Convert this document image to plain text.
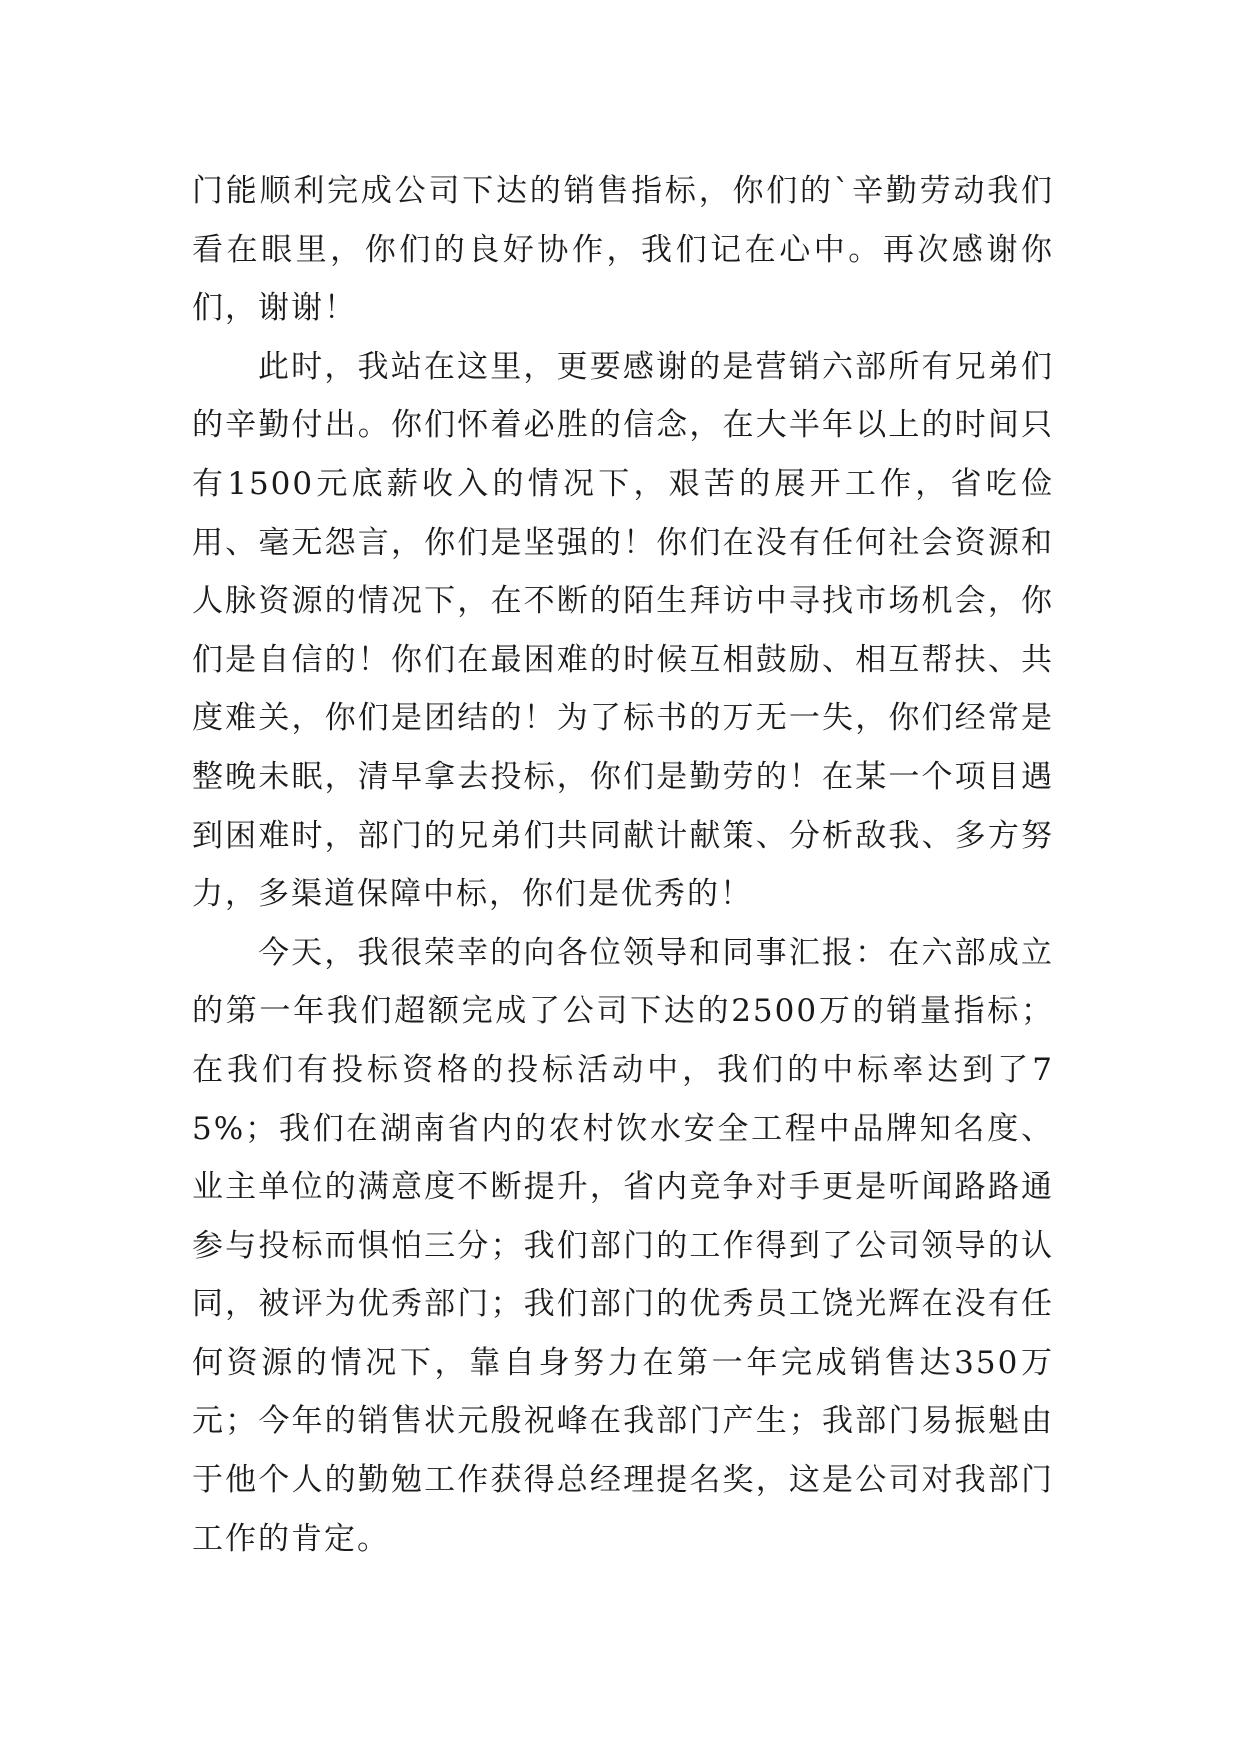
门能顺利完成公司下达的销售指标，你们的`辛勤劳动我们看在眼里，你们的良好协作，我们记在心中。再次感谢你们，谢谢！

此时，我站在这里，更要感谢的是营销六部所有兄弟们的辛勤付出。你们怀着必胜的信念，在大半年以上的时间只有1500元底薪收入的情况下，艰苦的展开工作，省吃俭用、毫无怨言，你们是坚强的！你们在没有任何社会资源和人脉资源的情况下，在不断的陌生拜访中寻找市场机会，你们是自信的！你们在最困难的时候互相鼓励、相互帮扶、共度难关，你们是团结的！为了标书的万无一失，你们经常是整晚未眠，清早拿去投标，你们是勤劳的！在某一个项目遇到困难时，部门的兄弟们共同献计献策、分析敌我、多方努力，多渠道保障中标，你们是优秀的！

今天，我很荣幸的向各位领导和同事汇报：在六部成立的第一年我们超额完成了公司下达的2500万的销量指标；在我们有投标资格的投标活动中，我们的中标率达到了75%；我们在湖南省内的农村饮水安全工程中品牌知名度、业主单位的满意度不断提升，省内竞争对手更是听闻路路通参与投标而惧怕三分；我们部门的工作得到了公司领导的认同，被评为优秀部门；我们部门的优秀员工饶光辉在没有任何资源的情况下，靠自身努力在第一年完成销售达350万元；今年的销售状元殷祝峰在我部门产生；我部门易振魁由于他个人的勤勉工作获得总经理提名奖，这是公司对我部门工作的肯定。
